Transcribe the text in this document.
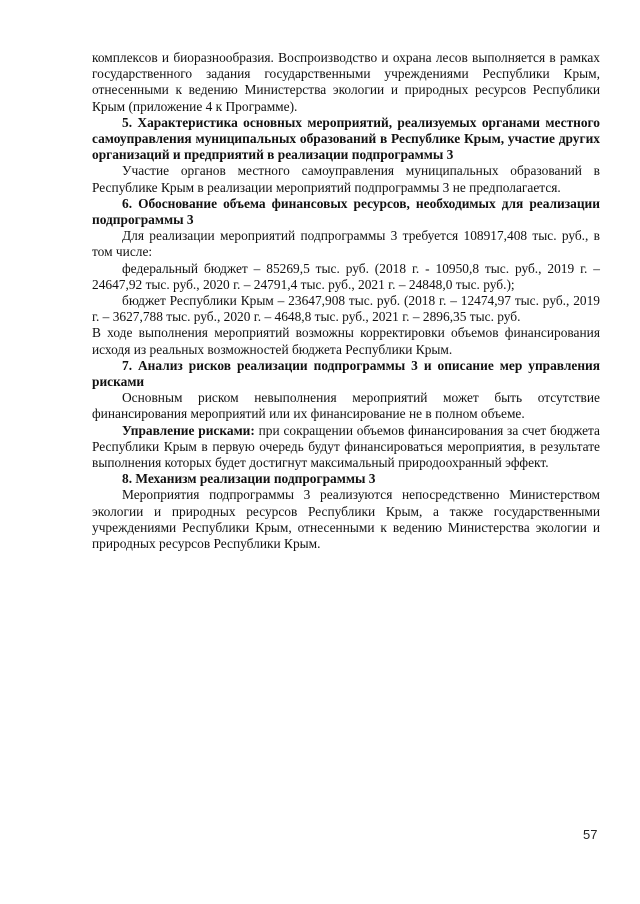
комплексов и биоразнообразия. Воспроизводство и охрана лесов выполняется в рамках государственного задания государственными учреждениями Республики Крым, отнесенными к ведению Министерства экологии и природных ресурсов Республики Крым (приложение 4 к Программе).

5. Характеристика основных мероприятий, реализуемых органами местного самоуправления муниципальных образований в Республике Крым, участие других организаций и предприятий в реализации подпрограммы 3

Участие органов местного самоуправления муниципальных образований в Республике Крым в реализации мероприятий подпрограммы 3 не предполагается.

6. Обоснование объема финансовых ресурсов, необходимых для реализации подпрограммы 3

Для реализации мероприятий подпрограммы 3 требуется 108917,408 тыс. руб., в том числе:

федеральный бюджет – 85269,5 тыс. руб. (2018 г. - 10950,8 тыс. руб., 2019 г. – 24647,92 тыс. руб., 2020 г. – 24791,4 тыс. руб., 2021 г. – 24848,0 тыс. руб.);

бюджет Республики Крым – 23647,908 тыс. руб. (2018 г. – 12474,97 тыс. руб., 2019 г. – 3627,788 тыс. руб., 2020 г. – 4648,8 тыс. руб., 2021 г. – 2896,35 тыс. руб.

В ходе выполнения мероприятий возможны корректировки объемов финансирования исходя из реальных возможностей бюджета Республики Крым.

7. Анализ рисков реализации подпрограммы 3 и описание мер управления рисками

Основным риском невыполнения мероприятий может быть отсутствие финансирования мероприятий или их финансирование не в полном объеме.

Управление рисками: при сокращении объемов финансирования за счет бюджета Республики Крым в первую очередь будут финансироваться мероприятия, в результате выполнения которых будет достигнут максимальный природоохранный эффект.

8. Механизм реализации подпрограммы 3

Мероприятия подпрограммы 3 реализуются непосредственно Министерством экологии и природных ресурсов Республики Крым, а также государственными учреждениями Республики Крым, отнесенными к ведению Министерства экологии и природных ресурсов Республики Крым.

57
